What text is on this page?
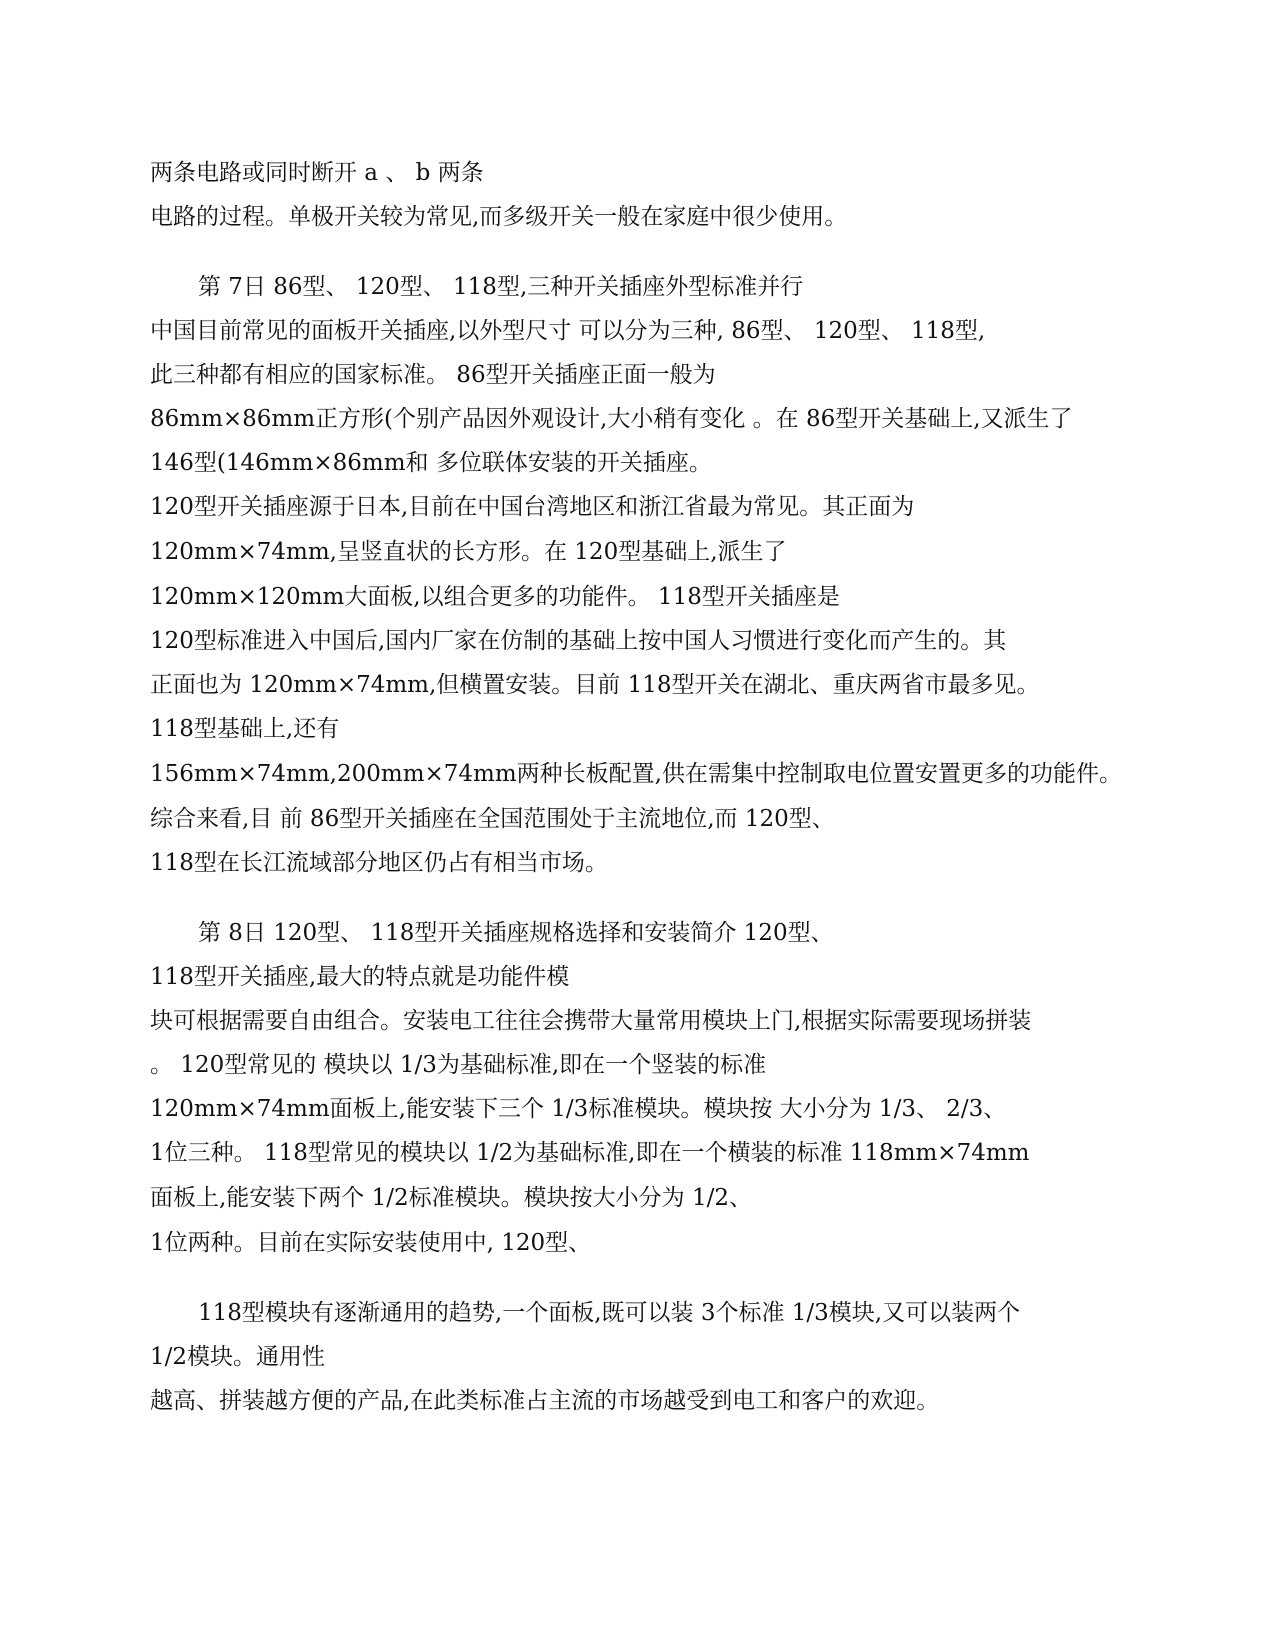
两条电路或同时断开 a 、 b 两条
电路的过程。单极开关较为常见,而多级开关一般在家庭中很少使用。
第 7日 86型、 120型、 118型,三种开关插座外型标准并行
中国目前常见的面板开关插座,以外型尺寸 可以分为三种, 86型、 120型、 118型,
此三种都有相应的国家标准。 86型开关插座正面一般为
86mm×86mm正方形(个别产品因外观设计,大小稍有变化 。在 86型开关基础上,又派生了
146型(146mm×86mm和 多位联体安装的开关插座。
120型开关插座源于日本,目前在中国台湾地区和浙江省最为常见。其正面为
120mm×74mm,呈竖直状的长方形。在 120型基础上,派生了
120mm×120mm大面板,以组合更多的功能件。 118型开关插座是
120型标准进入中国后,国内厂家在仿制的基础上按中国人习惯进行变化而产生的。其
正面也为 120mm×74mm,但横置安装。目前 118型开关在湖北、重庆两省市最多见。
118型基础上,还有
156mm×74mm,200mm×74mm两种长板配置,供在需集中控制取电位置安置更多的功能件。
综合来看,目 前 86型开关插座在全国范围处于主流地位,而 120型、
118型在长江流域部分地区仍占有相当市场。
第 8日 120型、 118型开关插座规格选择和安装简介 120型、
118型开关插座,最大的特点就是功能件模
块可根据需要自由组合。安装电工往往会携带大量常用模块上门,根据实际需要现场拼装
。 120型常见的 模块以 1/3为基础标准,即在一个竖装的标准
120mm×74mm面板上,能安装下三个 1/3标准模块。模块按 大小分为 1/3、 2/3、
1位三种。 118型常见的模块以 1/2为基础标准,即在一个横装的标准 118mm×74mm
面板上,能安装下两个 1/2标准模块。模块按大小分为 1/2、
1位两种。目前在实际安装使用中, 120型、
118型模块有逐渐通用的趋势,一个面板,既可以装 3个标准 1/3模块,又可以装两个
1/2模块。通用性
越高、拼装越方便的产品,在此类标准占主流的市场越受到电工和客户的欢迎。
